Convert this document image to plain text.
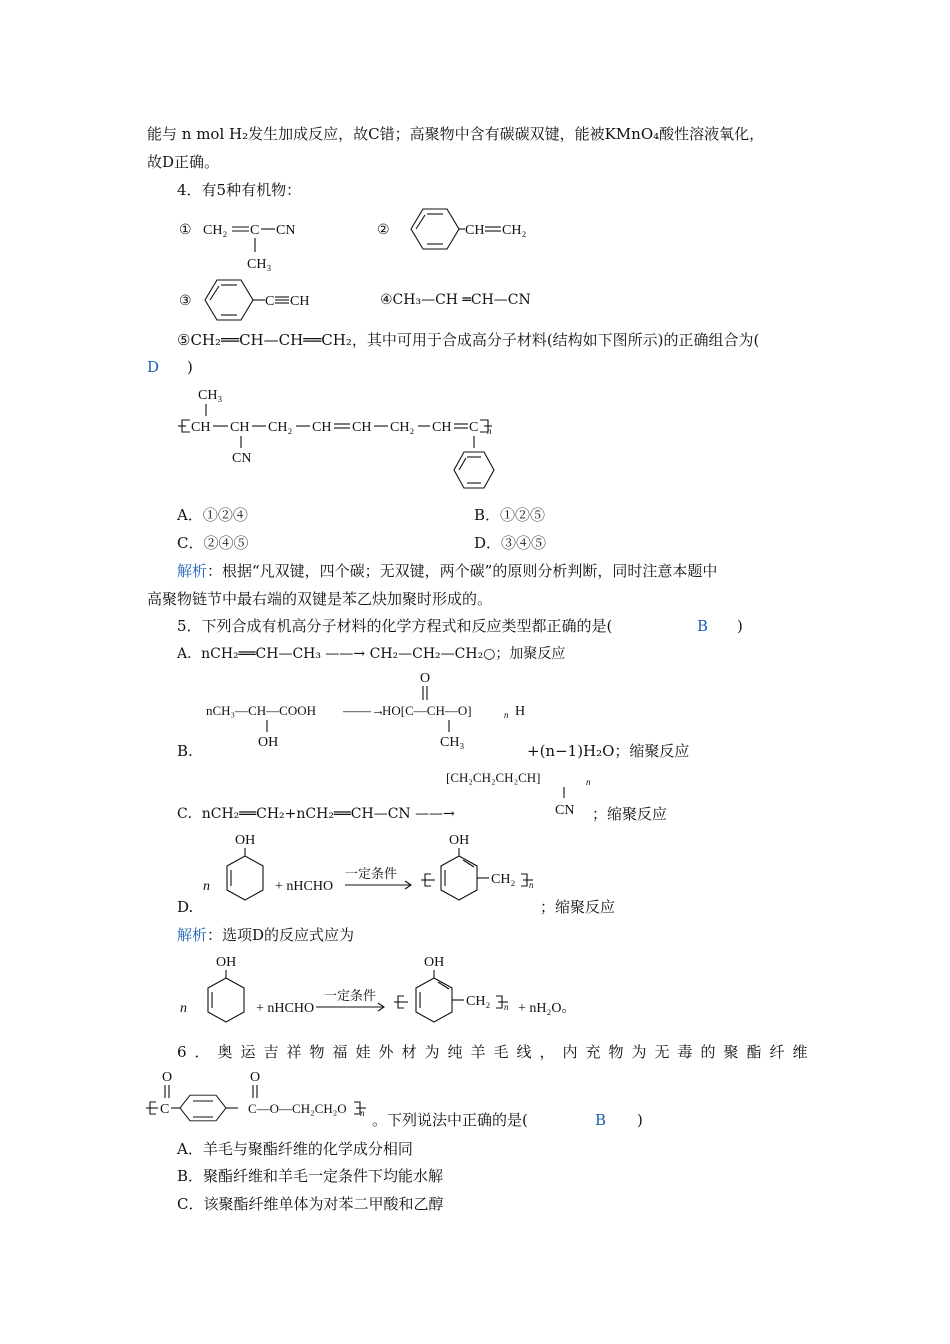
能与 n mol H₂发生加成反应，故C错；高聚物中含有碳碳双键，能被KMnO₄酸性溶液氧化，
故D正确。
4．有5种有机物：
① CH₂ C CN
CH₃
②	CH CH₂
③	C CH	④CH₃—CH ═CH—CN
⑤CH₂══CH—CH══CH₂，其中可用于合成高分子材料(结构如下图所示)的正确组合为(
D )
CH₃
CH CH
CN
CH₂ CH CH CH₂ CH C n
A．①②④	B．①②⑤
C．②④⑤	D．③④⑤
解析：根据“凡双键，四个碳；无双键，两个碳”的原则分析判断，同时注意本题中
高聚物链节中最右端的双键是苯乙炔加聚时形成的。
5．下列合成有机高分子材料的化学方程式和反应类型都正确的是(	B )
A．nCH₂══CH—CH₃ ——→ CH₂—CH₂—CH₂○；加聚反应
nCH₃—CH—COOH
OH
——→
HO[C—CH—O]
O
CH₃
n H
B.	+(n−1)H₂O；缩聚反应
[CH₂CH₂CH₂CH]	n
CN
C．nCH₂══CH₂+nCH₂══CH—CN ——→	；缩聚反应
n
OH
+ nHCHO
一定条件
OH
CH₂ n
D.	；缩聚反应
解析：选项D的反应式应为
n
OH
+ nHCHO
一定条件
OH
CH₂ n + nH₂O。
6．奥运吉祥物福娃外材为纯羊毛线，内充物为无毒的聚酯纤维
O
C
O
C—O—CH₂CH₂O n 。下列说法中正确的是(	B )
A．羊毛与聚酯纤维的化学成分相同
B．聚酯纤维和羊毛一定条件下均能水解
C．该聚酯纤维单体为对苯二甲酸和乙醇
